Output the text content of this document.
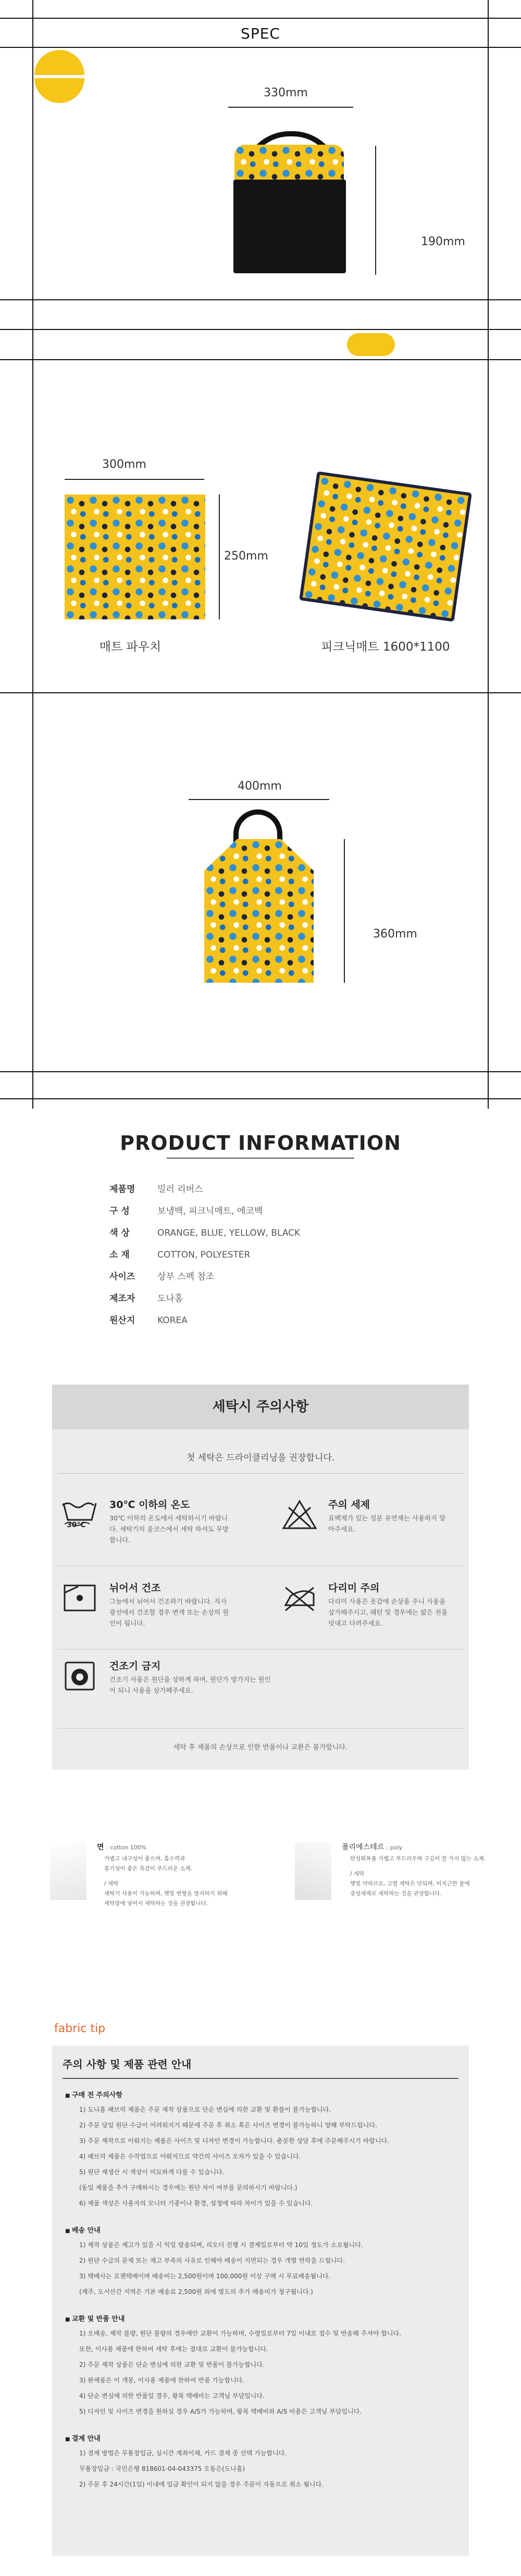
SPEC
330mm
190mm
300mm
250mm
매트 파우치	피크닉매트 1600*1100
400mm
360mm
PRODUCT INFORMATION
제품명	밀러 리버스
구 성	보냉백, 피크닉매트, 에코백
색 상	ORANGE, BLUE, YELLOW, BLACK
소 재	COTTON, POLYESTER
사이즈	상부 스펙 참조
제조자	도나홈
원산지	KOREA
세탁시 주의사항
첫 세탁은 드라이클리닝을 권장합니다.
30℃
30℃ 이하의 온도
30℃ 이하의 온도에서 세탁하시기 바랍니다. 세탁기의 울코스에서 세탁 하셔도 무방합니다.
주의 세제
표백제가 있는 성분 유연제는 사용하지 말아주세요.
뉘어서 건조
그늘에서 뉘어서 건조하기 바랍니다. 직사광선에서 건조할 경우 변색 또는 손상의 원인이 됩니다.
다리미 주의
다리미 사용은 옷감에 손상을 주니 사용을 삼가해주시고, 패턴 및 경우에는 얇은 천을 덧대고 다려주세요.
건조기 금지
건조기 사용은 원단을 상하게 하며, 원단가 망가지는 원인이 되니 사용을 삼가해주세요.
세탁 후 제품의 손상으로 인한 반품이나 교환은 불가합니다.
면 : cotton 100%
가볍고 내구성이 좋으며, 흡수력과
통기성이 좋은 촉감이 부드러운 소재.
/ 세탁
세탁기 사용이 가능하며, 햇빛 변형을 방지하기 위해
세탁망에 넣어서 세탁하는 것을 권장합니다.
폴리에스테르 : poly
탄성회복률 가볍고 부드러우며 구김이 잘 가지 않는 소재.
/ 세탁
햇빛 약하므로, 고열 세탁은 안되며, 미지근한 물에
중성세제로 세탁하는 것을 권장합니다.
fabric tip
주의 사항 및 제품 관련 안내
■ 구매 전 주의사항
1) 도나홈 패브릭 제품은 주문 제작 상품으로 단순 변심에 의한 교환 및 환불이 불가능합니다.
2) 주문 당일 원단 수급이 어려워지기 때문에 주문 후 취소 혹은 사이즈 변경이 불가능하니 양해 부탁드립니다.
3) 주문 제작으로 이뤄지는 제품은 사이즈 및 디자인 변경이 가능합니다. 충분한 상담 후에 주문해주시기 바랍니다.
4) 패브릭 제품은 수작업으로 이뤄지므로 약간의 사이즈 오차가 있을 수 있습니다.
5) 원단 재생산 시 색상이 미묘하게 다를 수 있습니다.
(동일 제품을 추가 구매하시는 경우에는 원단 차이 여부를 문의하시기 바랍니다.)
6) 제품 색상은 사용자의 모니터 기종이나 환경, 설정에 따라 차이가 있을 수 있습니다.
■ 배송 안내
1) 제작 상품은 제고가 있을 시 익일 발송되며, 리오더 진행 시 결제일로부터 약 10일 정도가 소요됩니다.
2) 원단 수급의 문제 또는 제고 부족의 사유로 인해야 배송이 지연되는 경우 개별 연락을 드립니다.
3) 택배사는 로젠택배이며 배송비는 2,500원이며 100,000원 이상 구매 시 무료배송됩니다.
(제주, 도서산간 지역은 기본 배송료 2,500원 외에 별도의 추가 배송비가 청구됩니다.)
■ 교환 및 반품 안내
1) 오배송, 제작 불량, 원단 불량의 경우에만 교환이 가능하며, 수령일로부터 7일 이내로 접수 및 반송해 주셔야 합니다.
또한, 이사용 제품에 한하여 세탁 후에는 절대로 교환이 불가능합니다.
2) 주문 제작 상품은 단순 변심에 의한 교환 및 반품이 불가능합니다.
3) 완제품은 이 개봉, 이사용 제품에 한하여 반품 가능합니다.
4) 단순 변심에 의한 반품일 경우, 왕복 택배비는 고객님 부담입니다.
5) 디자인 및 사이즈 변경을 원하실 경우 A/S가 가능하며, 왕복 택배비와 A/S 비용은 고객님 부담입니다.
■ 결제 안내
1) 결제 방법은 무통장입금, 실시간 계좌이체, 카드 결제 중 선택 가능합니다.
무통장입금 : 국민은행 818601-04-043375 오동은(도나홈)
2) 주문 후 24시간(1일) 이내에 입금 확인이 되지 않을 경우 주문이 자동으로 취소 됩니다.
